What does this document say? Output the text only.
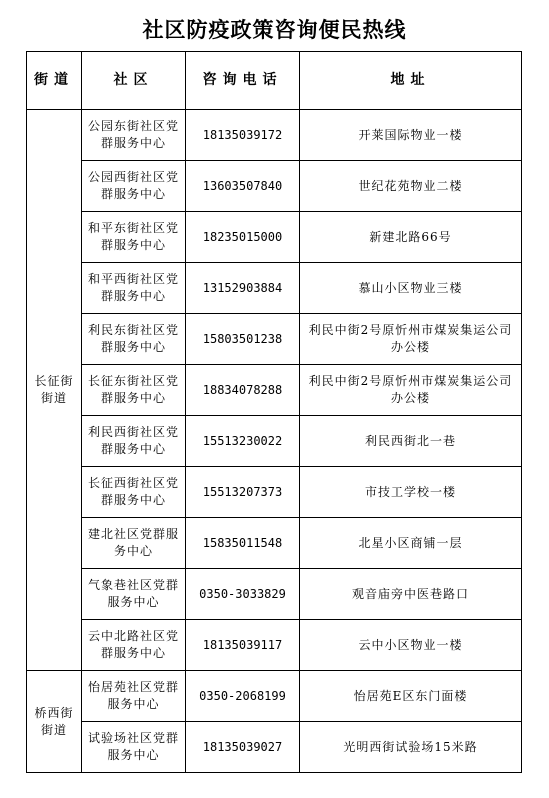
社区防疫政策咨询便民热线
街道	社区	咨询电话	地址
长征街街道	公园东街社区党群服务中心	18135039172	开莱国际物业一楼
	公园西街社区党群服务中心	13603507840	世纪花苑物业二楼
	和平东街社区党群服务中心	18235015000	新建北路66号
	和平西街社区党群服务中心	13152903884	慕山小区物业三楼
	利民东街社区党群服务中心	15803501238	利民中街2号原忻州市煤炭集运公司办公楼
	长征东街社区党群服务中心	18834078288	利民中街2号原忻州市煤炭集运公司办公楼
	利民西街社区党群服务中心	15513230022	利民西街北一巷
	长征西街社区党群服务中心	15513207373	市技工学校一楼
	建北社区党群服务中心	15835011548	北星小区商铺一层
	气象巷社区党群服务中心	0350-3033829	观音庙旁中医巷路口
	云中北路社区党群服务中心	18135039117	云中小区物业一楼
桥西街街道	怡居苑社区党群服务中心	0350-2068199	怡居苑E区东门面楼
	试验场社区党群服务中心	18135039027	光明西街试验场15米路
